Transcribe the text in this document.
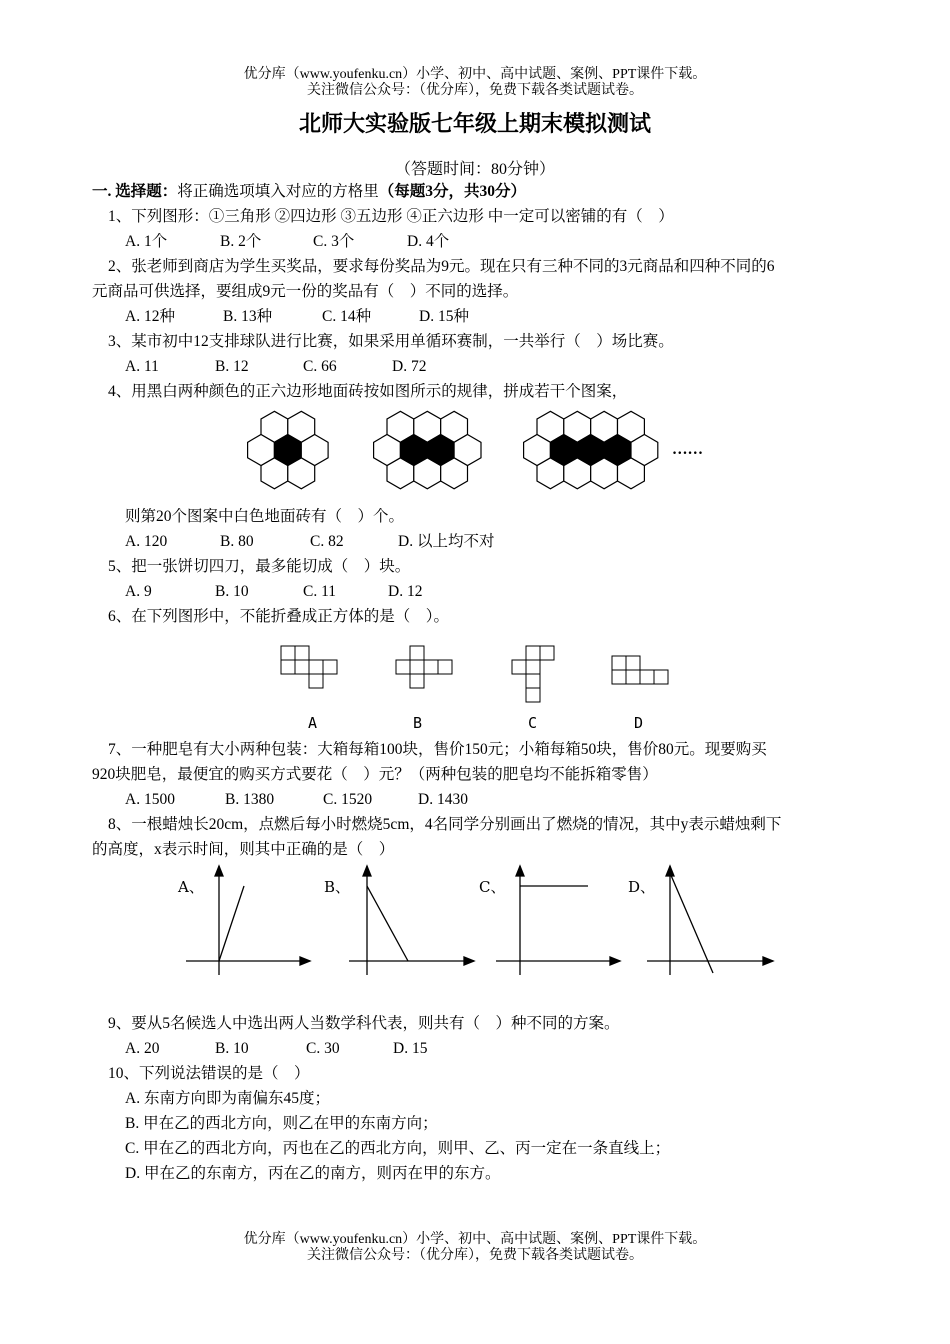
优分库（www.youfenku.cn）小学、初中、高中试题、案例、PPT课件下载。
关注微信公众号：（优分库），免费下载各类试题试卷。
北师大实验版七年级上期末模拟测试
（答题时间：80分钟）
一. 选择题：将正确选项填入对应的方格里（每题3分，共30分）
1、下列图形：①三角形 ②四边形 ③五边形 ④正六边形 中一定可以密铺的有（　）
A. 1个	B. 2个	C. 3个	D. 4个
2、张老师到商店为学生买奖品，要求每份奖品为9元。现在只有三种不同的3元商品和四种不同的6
元商品可供选择，要组成9元一份的奖品有（　）不同的选择。
A. 12种	B. 13种	C. 14种	D. 15种
3、某市初中12支排球队进行比赛，如果采用单循环赛制，一共举行（　）场比赛。
A. 11	B. 12	C. 66	D. 72
4、用黑白两种颜色的正六边形地面砖按如图所示的规律，拼成若干个图案，
……
则第20个图案中白色地面砖有（　）个。
A. 120	B. 80	C. 82	D. 以上均不对
5、把一张饼切四刀，最多能切成（　）块。
A. 9	B. 10	C. 11	D. 12
6、在下列图形中，不能折叠成正方体的是（　）。
A	B	C	D
7、一种肥皂有大小两种包装：大箱每箱100块，售价150元；小箱每箱50块，售价80元。现要购买
920块肥皂，最便宜的购买方式要花（　）元？（两种包装的肥皂均不能拆箱零售）
A. 1500	B. 1380	C. 1520	D. 1430
8、一根蜡烛长20cm，点燃后每小时燃烧5cm，4名同学分别画出了燃烧的情况，其中y表示蜡烛剩下
的高度，x表示时间，则其中正确的是（　）
A、	B、	C、	D、
9、要从5名候选人中选出两人当数学科代表，则共有（　）种不同的方案。
A. 20	B. 10	C. 30	D. 15
10、下列说法错误的是（　）
A. 东南方向即为南偏东45度；
B. 甲在乙的西北方向，则乙在甲的东南方向；
C. 甲在乙的西北方向，丙也在乙的西北方向，则甲、乙、丙一定在一条直线上；
D. 甲在乙的东南方，丙在乙的南方，则丙在甲的东方。
优分库（www.youfenku.cn）小学、初中、高中试题、案例、PPT课件下载。
关注微信公众号：（优分库），免费下载各类试题试卷。
